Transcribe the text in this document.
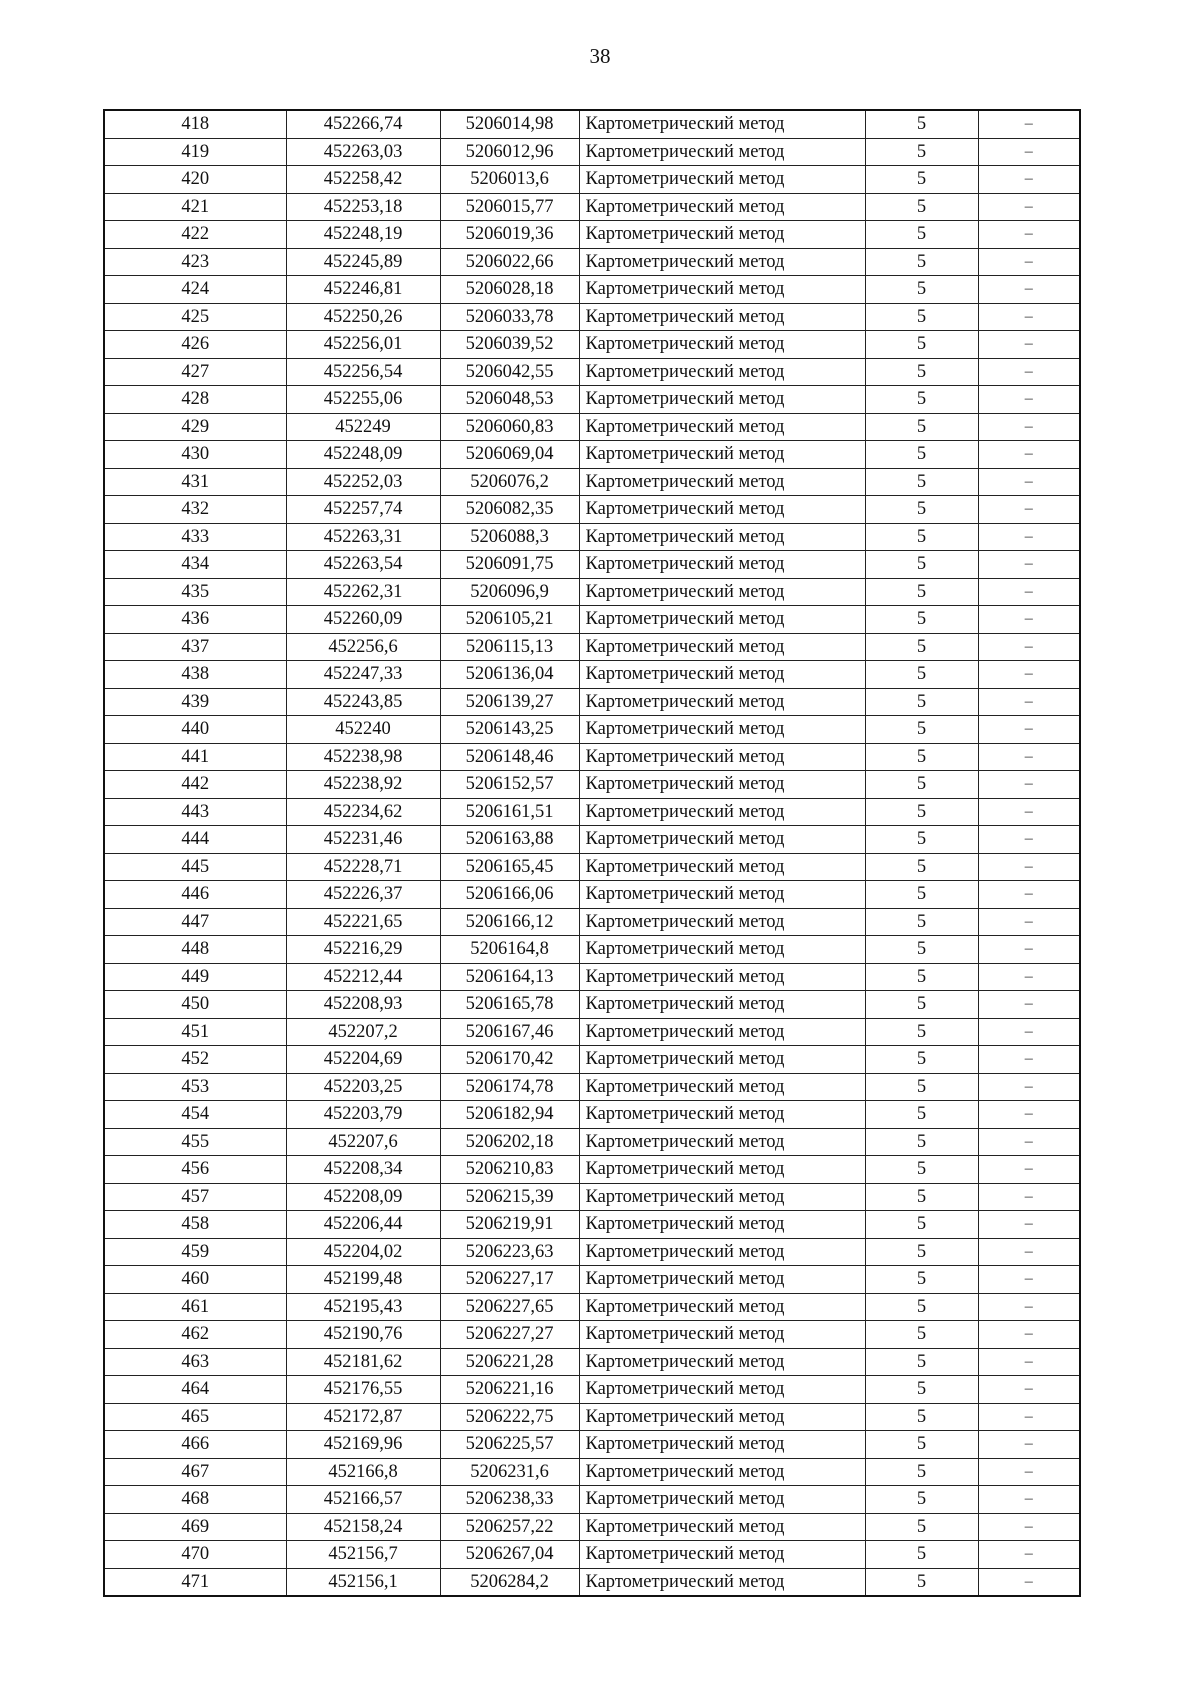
38
418	452266,74	5206014,98	Картометрический метод	5	–
419	452263,03	5206012,96	Картометрический метод	5	–
420	452258,42	5206013,6	Картометрический метод	5	–
421	452253,18	5206015,77	Картометрический метод	5	–
422	452248,19	5206019,36	Картометрический метод	5	–
423	452245,89	5206022,66	Картометрический метод	5	–
424	452246,81	5206028,18	Картометрический метод	5	–
425	452250,26	5206033,78	Картометрический метод	5	–
426	452256,01	5206039,52	Картометрический метод	5	–
427	452256,54	5206042,55	Картометрический метод	5	–
428	452255,06	5206048,53	Картометрический метод	5	–
429	452249	5206060,83	Картометрический метод	5	–
430	452248,09	5206069,04	Картометрический метод	5	–
431	452252,03	5206076,2	Картометрический метод	5	–
432	452257,74	5206082,35	Картометрический метод	5	–
433	452263,31	5206088,3	Картометрический метод	5	–
434	452263,54	5206091,75	Картометрический метод	5	–
435	452262,31	5206096,9	Картометрический метод	5	–
436	452260,09	5206105,21	Картометрический метод	5	–
437	452256,6	5206115,13	Картометрический метод	5	–
438	452247,33	5206136,04	Картометрический метод	5	–
439	452243,85	5206139,27	Картометрический метод	5	–
440	452240	5206143,25	Картометрический метод	5	–
441	452238,98	5206148,46	Картометрический метод	5	–
442	452238,92	5206152,57	Картометрический метод	5	–
443	452234,62	5206161,51	Картометрический метод	5	–
444	452231,46	5206163,88	Картометрический метод	5	–
445	452228,71	5206165,45	Картометрический метод	5	–
446	452226,37	5206166,06	Картометрический метод	5	–
447	452221,65	5206166,12	Картометрический метод	5	–
448	452216,29	5206164,8	Картометрический метод	5	–
449	452212,44	5206164,13	Картометрический метод	5	–
450	452208,93	5206165,78	Картометрический метод	5	–
451	452207,2	5206167,46	Картометрический метод	5	–
452	452204,69	5206170,42	Картометрический метод	5	–
453	452203,25	5206174,78	Картометрический метод	5	–
454	452203,79	5206182,94	Картометрический метод	5	–
455	452207,6	5206202,18	Картометрический метод	5	–
456	452208,34	5206210,83	Картометрический метод	5	–
457	452208,09	5206215,39	Картометрический метод	5	–
458	452206,44	5206219,91	Картометрический метод	5	–
459	452204,02	5206223,63	Картометрический метод	5	–
460	452199,48	5206227,17	Картометрический метод	5	–
461	452195,43	5206227,65	Картометрический метод	5	–
462	452190,76	5206227,27	Картометрический метод	5	–
463	452181,62	5206221,28	Картометрический метод	5	–
464	452176,55	5206221,16	Картометрический метод	5	–
465	452172,87	5206222,75	Картометрический метод	5	–
466	452169,96	5206225,57	Картометрический метод	5	–
467	452166,8	5206231,6	Картометрический метод	5	–
468	452166,57	5206238,33	Картометрический метод	5	–
469	452158,24	5206257,22	Картометрический метод	5	–
470	452156,7	5206267,04	Картометрический метод	5	–
471	452156,1	5206284,2	Картометрический метод	5	–
